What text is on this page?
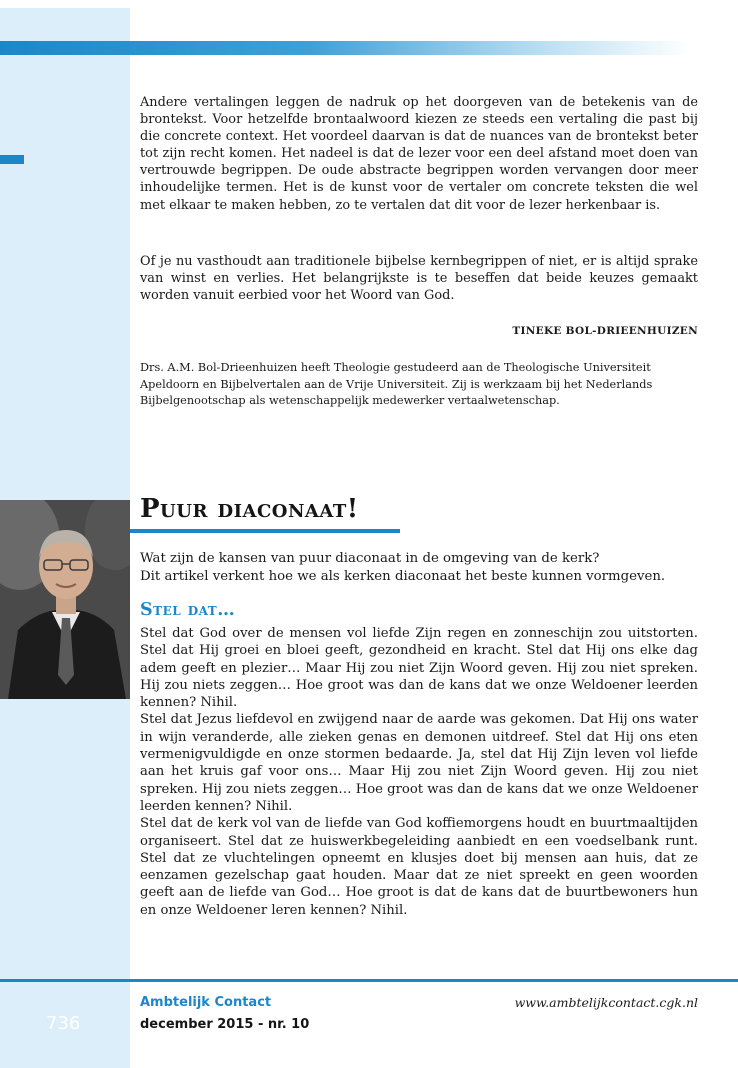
Andere vertalingen leggen de nadruk op het doorgeven van de betekenis van de brontekst. Voor hetzelfde brontaalwoord kiezen ze steeds een vertaling die past bij die concrete context. Het voordeel daarvan is dat de nuances van de brontekst beter tot zijn recht komen. Het nadeel is dat de lezer voor een deel afstand moet doen van vertrouwde begrippen. De oude abstracte begrippen worden vervangen door meer inhoudelijke termen. Het is de kunst voor de vertaler om concrete teksten die wel met elkaar te maken hebben, zo te vertalen dat dit voor de lezer herkenbaar is.

Of je nu vasthoudt aan traditionele bijbelse kernbegrippen of niet, er is altijd sprake van winst en verlies. Het belangrijkste is te beseffen dat beide keuzes gemaakt worden vanuit eerbied voor het Woord van God.

TINEKE BOL-DRIEENHUIZEN

Drs. A.M. Bol-Drieenhuizen heeft Theologie gestudeerd aan de Theologische Universiteit Apeldoorn en Bijbelvertalen aan de Vrije Universiteit. Zij is werkzaam bij het Nederlands Bijbelgenootschap als wetenschappelijk medewerker vertaalwetenschap.

Puur diaconaat!

Wat zijn de kansen van puur diaconaat in de omgeving van de kerk?

Dit artikel verkent hoe we als kerken diaconaat het beste kunnen vormgeven.

Stel dat…

Stel dat God over de mensen vol liefde Zijn regen en zonneschijn zou uitstorten. Stel dat Hij groei en bloei geeft, gezondheid en kracht. Stel dat Hij ons elke dag adem geeft en plezier… Maar Hij zou niet Zijn Woord geven. Hij zou niet spreken. Hij zou niets zeggen… Hoe groot was dan de kans dat we onze Weldoener leerden kennen? Nihil.

Stel dat Jezus liefdevol en zwijgend naar de aarde was gekomen. Dat Hij ons water in wijn veranderde, alle zieken genas en demonen uitdreef. Stel dat Hij ons eten vermenigvuldigde en onze stormen bedaarde. Ja, stel dat Hij Zijn leven vol liefde aan het kruis gaf voor ons… Maar Hij zou niet Zijn Woord geven. Hij zou niet spreken. Hij zou niets zeggen… Hoe groot was dan de kans dat we onze Weldoener leerden kennen? Nihil.

Stel dat de kerk vol van de liefde van God koffiemorgens houdt en buurtmaaltijden organiseert. Stel dat ze huiswerkbegeleiding aanbiedt en een voedselbank runt. Stel dat ze vluchtelingen opneemt en klusjes doet bij mensen aan huis, dat ze eenzamen gezelschap gaat houden. Maar dat ze niet spreekt en geen woorden geeft aan de liefde van God… Hoe groot is dat de kans dat de buurtbewoners hun en onze Weldoener leren kennen? Nihil.

736
Ambtelijk Contact
december 2015 - nr. 10
www.ambtelijkcontact.cgk.nl
